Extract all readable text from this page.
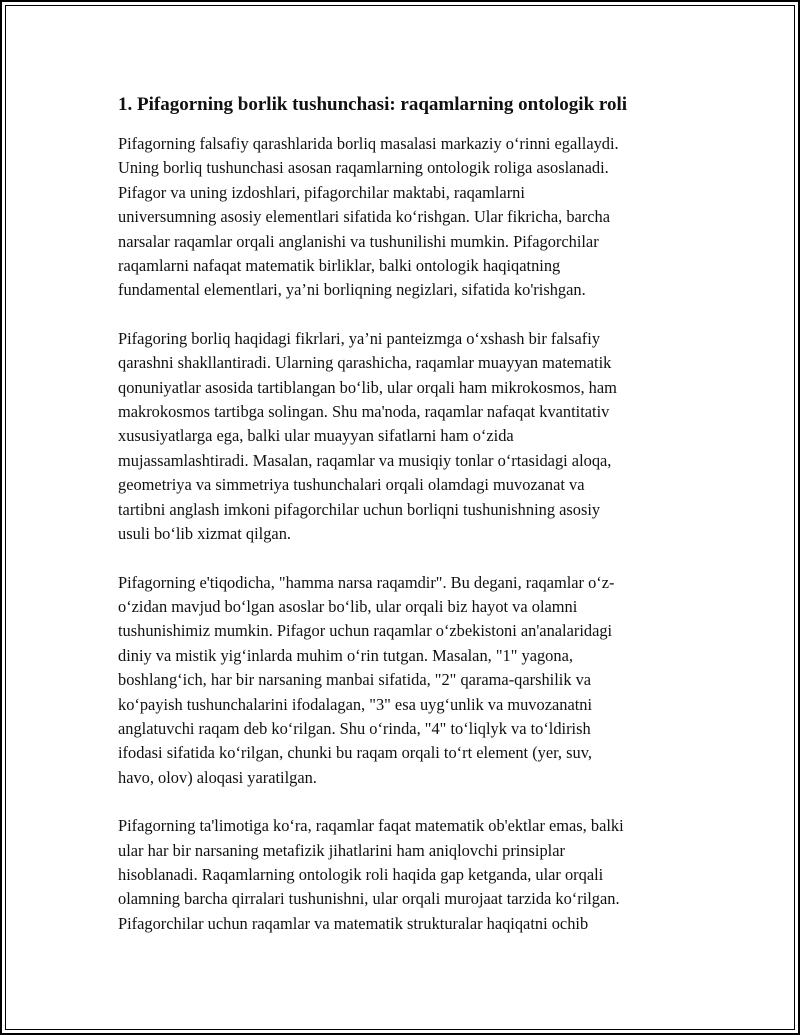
1. Pifagorning borlik tushunchasi: raqamlarning ontologik roli

Pifagorning falsafiy qarashlarida borliq masalasi markaziy o‘rinni egallaydi.
Uning borliq tushunchasi asosan raqamlarning ontologik roliga asoslanadi.
Pifagor va uning izdoshlari, pifagorchilar maktabi, raqamlarni
universumning asosiy elementlari sifatida ko‘rishgan. Ular fikricha, barcha
narsalar raqamlar orqali anglanishi va tushunilishi mumkin. Pifagorchilar
raqamlarni nafaqat matematik birliklar, balki ontologik haqiqatning
fundamental elementlari, ya’ni borliqning negizlari, sifatida ko'rishgan.

Pifagoring borliq haqidagi fikrlari, ya’ni panteizmga o‘xshash bir falsafiy
qarashni shakllantiradi. Ularning qarashicha, raqamlar muayyan matematik
qonuniyatlar asosida tartiblangan bo‘lib, ular orqali ham mikrokosmos, ham
makrokosmos tartibga solingan. Shu ma'noda, raqamlar nafaqat kvantitativ
xususiyatlarga ega, balki ular muayyan sifatlarni ham o‘zida
mujassamlashtiradi. Masalan, raqamlar va musiqiy tonlar o‘rtasidagi aloqa,
geometriya va simmetriya tushunchalari orqali olamdagi muvozanat va
tartibni anglash imkoni pifagorchilar uchun borliqni tushunishning asosiy
usuli bo‘lib xizmat qilgan.

Pifagorning e'tiqodicha, "hamma narsa raqamdir". Bu degani, raqamlar o‘z-
o‘zidan mavjud bo‘lgan asoslar bo‘lib, ular orqali biz hayot va olamni
tushunishimiz mumkin. Pifagor uchun raqamlar o‘zbekistoni an'analaridagi
diniy va mistik yig‘inlarda muhim o‘rin tutgan. Masalan, "1" yagona,
boshlang‘ich, har bir narsaning manbai sifatida, "2" qarama-qarshilik va
ko‘payish tushunchalarini ifodalagan, "3" esa uyg‘unlik va muvozanatni
anglatuvchi raqam deb ko‘rilgan. Shu o‘rinda, "4" to‘liqlyk va to‘ldirish
ifodasi sifatida ko‘rilgan, chunki bu raqam orqali to‘rt element (yer, suv,
havo, olov) aloqasi yaratilgan.

Pifagorning ta'limotiga ko‘ra, raqamlar faqat matematik ob'ektlar emas, balki
ular har bir narsaning metafizik jihatlarini ham aniqlovchi prinsiplar
hisoblanadi. Raqamlarning ontologik roli haqida gap ketganda, ular orqali
olamning barcha qirralari tushunishni, ular orqali murojaat tarzida ko‘rilgan.
Pifagorchilar uchun raqamlar va matematik strukturalar haqiqatni ochib
